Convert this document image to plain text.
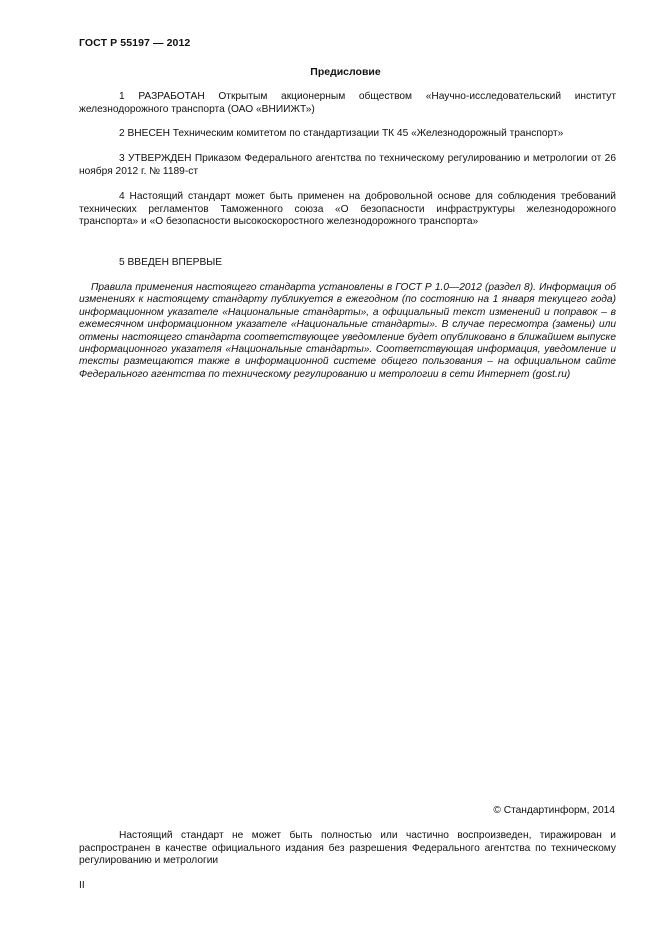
ГОСТ Р 55197 — 2012
Предисловие
1 РАЗРАБОТАН Открытым акционерным обществом «Научно-исследовательский институт железнодорожного транспорта (ОАО «ВНИИЖТ»)
2 ВНЕСЕН Техническим комитетом по стандартизации ТК 45 «Железнодорожный транспорт»
3 УТВЕРЖДЕН Приказом Федерального агентства по техническому регулированию и метрологии от 26 ноября 2012 г. № 1189-ст
4 Настоящий стандарт может быть применен на добровольной основе для соблюдения требований технических регламентов Таможенного союза «О безопасности инфраструктуры железнодорожного транспорта» и «О безопасности высокоскоростного железнодорожного транспорта»
5 ВВЕДЕН ВПЕРВЫЕ
Правила применения настоящего стандарта установлены в ГОСТ Р 1.0—2012 (раздел 8). Информация об изменениях к настоящему стандарту публикуется в ежегодном (по состоянию на 1 января текущего года) информационном указателе «Национальные стандарты», а официальный текст изменений и поправок – в ежемесячном информационном указателе «Национальные стандарты». В случае пересмотра (замены) или отмены настоящего стандарта соответствующее уведомление будет опубликовано в ближайшем выпуске информационного указателя «Национальные стандарты». Соответствующая информация, уведомление и тексты размещаются также в информационной системе общего пользования – на официальном сайте Федерального агентства по техническому регулированию и метрологии в сети Интернет (gost.ru)
© Стандартинформ, 2014
Настоящий стандарт не может быть полностью или частично воспроизведен, тиражирован и распространен в качестве официального издания без разрешения Федерального агентства по техническому регулированию и метрологии
II
